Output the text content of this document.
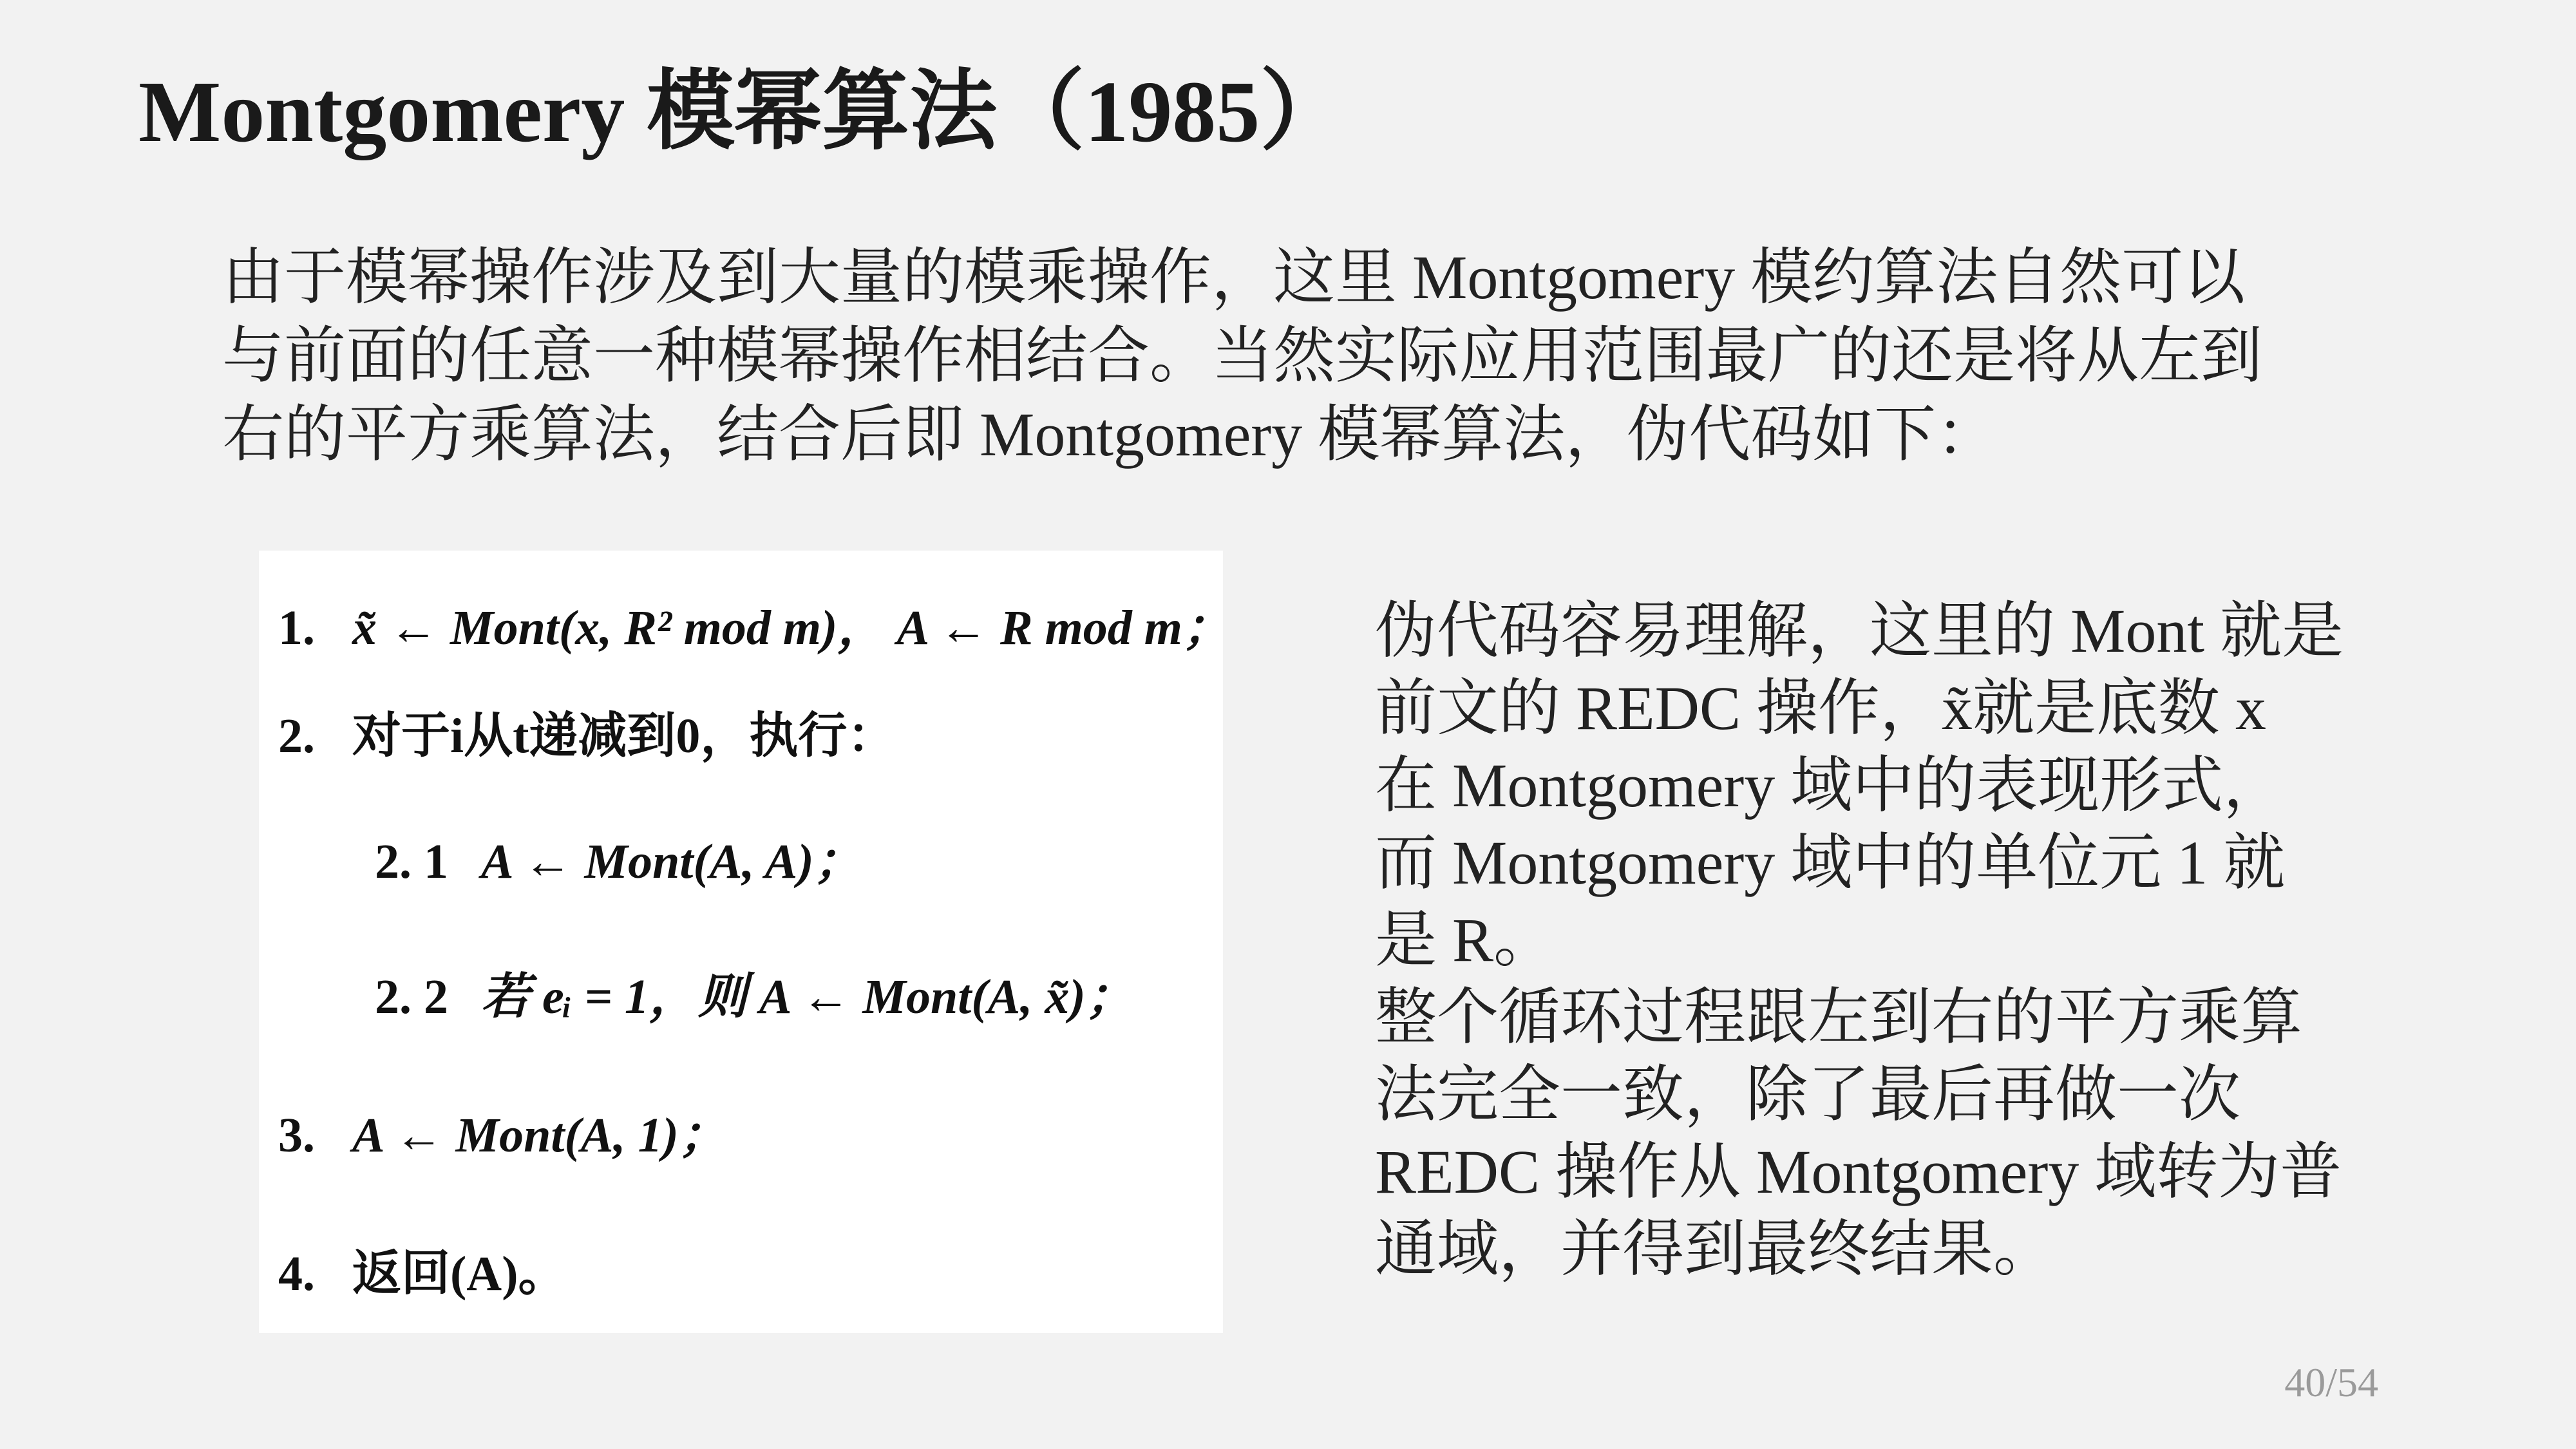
Montgomery 模幂算法（1985）
由于模幂操作涉及到大量的模乘操作，这里 Montgomery 模约算法自然可以
与前面的任意一种模幂操作相结合。当然实际应用范围最广的还是将从左到
右的平方乘算法，结合后即 Montgomery 模幂算法，伪代码如下：
1. x̃ ← Mont(x, R² mod m)， A ← R mod m；
2. 对于i从t递减到0，执行：
2. 1 A ← Mont(A, A)；
2. 2 若 eᵢ = 1，则 A ← Mont(A, x̃)；
3. A ← Mont(A, 1)；
4. 返回(A)。
伪代码容易理解，这里的 Mont 就是
前文的 REDC 操作，x̃就是底数 x
在 Montgomery 域中的表现形式，
而 Montgomery 域中的单位元 1 就
是 R。
整个循环过程跟左到右的平方乘算
法完全一致，除了最后再做一次
REDC 操作从 Montgomery 域转为普
通域，并得到最终结果。
40/54
